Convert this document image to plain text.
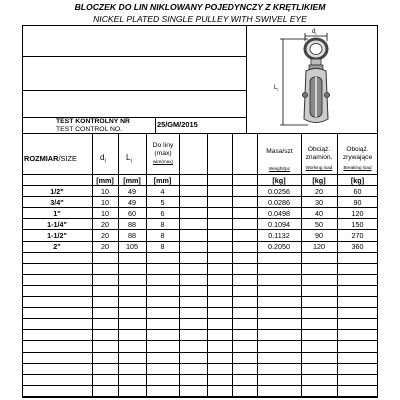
BLOCZEK DO LIN NIKLOWANY POJEDYNCZY Z KRĘTLIKIEM
NICKEL PLATED SINGLE PULLEY WITH SWIVEL EYE
TEST KONTROLNY NR
TEST CONTROL NO.
25/GM/2015
$d_I$
$L_I$
ROZMIAR/SIZE	$d_I$	$L_I$
Do liny
(max)
wire(max)
Masa/szt
Weight/pc
Obciąż.
znamion.
Working load
Obciąż.
zrywające
Breaking load
[mm]	[mm]	[mm]	[kg]	[kg]	[kg]
1/2"	10	49	4	0.0256	20	60
3/4"	10	49	5	0.0286	30	90
1"	10	60	6	0.0498	40	120
1-1/4"	20	88	8	0.1094	50	150
1-1/2"	20	88	8	0.1132	90	270
2"	20	105	8	0.2050	120	360
